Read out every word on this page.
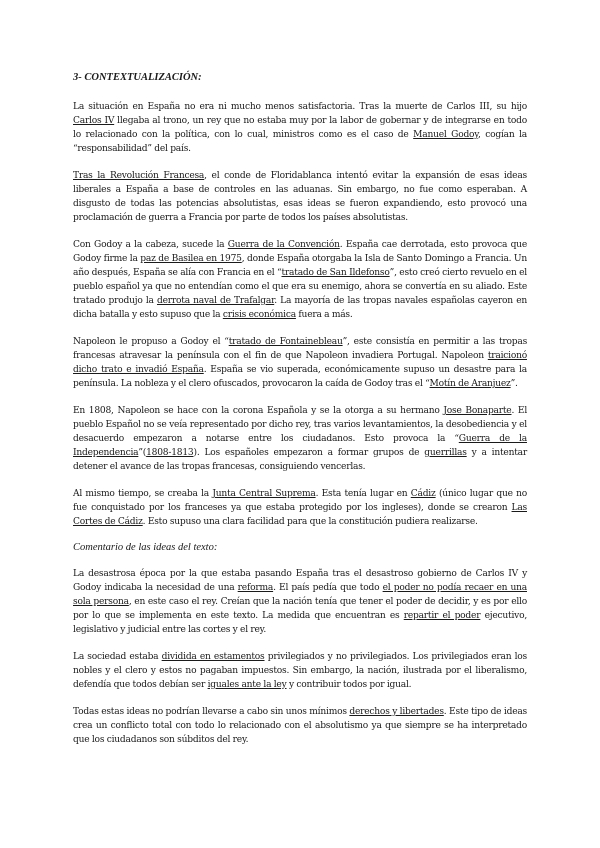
3- CONTEXTUALIZACIÓN:

La situación en España no era ni mucho menos satisfactoria. Tras la muerte de Carlos III, su hijo Carlos IV llegaba al trono, un rey que no estaba muy por la labor de gobernar y de integrarse en todo lo relacionado con la política, con lo cual, ministros como es el caso de Manuel Godoy, cogían la “responsabilidad” del país.

Tras la Revolución Francesa, el conde de Floridablanca intentó evitar la expansión de esas ideas liberales a España a base de controles en las aduanas. Sin embargo, no fue como esperaban. A disgusto de todas las potencias absolutistas, esas ideas se fueron expandiendo, esto provocó una proclamación de guerra a Francia por parte de todos los países absolutistas.

Con Godoy a la cabeza, sucede la Guerra de la Convención. España cae derrotada, esto provoca que Godoy firme la paz de Basilea en 1975, donde España otorgaba la Isla de Santo Domingo a Francia. Un año después, España se alía con Francia en el “tratado de San Ildefonso”, esto creó cierto revuelo en el pueblo español ya que no entendían como el que era su enemigo, ahora se convertía en su aliado. Este tratado produjo la derrota naval de Trafalgar. La mayoría de las tropas navales españolas cayeron en dicha batalla y esto supuso que la crisis económica fuera a más.

Napoleon le propuso a Godoy el “tratado de Fontainebleau”, este consistía en permitir a las tropas francesas atravesar la península con el fin de que Napoleon invadiera Portugal. Napoleon traicionó dicho trato e invadió España. España se vio superada, económicamente supuso un desastre para la península. La nobleza y el clero ofuscados, provocaron la caída de Godoy tras el “Motín de Aranjuez”.

En 1808, Napoleon se hace con la corona Española y se la otorga a su hermano Jose Bonaparte. El pueblo Español no se veía representado por dicho rey, tras varios levantamientos, la desobediencia y el desacuerdo empezaron a notarse entre los ciudadanos. Esto provoca la “Guerra de la Independencia”(1808-1813). Los españoles empezaron a formar grupos de guerrillas y a intentar detener el avance de las tropas francesas, consiguiendo vencerlas.

Al mismo tiempo, se creaba la Junta Central Suprema. Esta tenía lugar en Cádiz (único lugar que no fue conquistado por los franceses ya que estaba protegido por los ingleses), donde se crearon Las Cortes de Cádiz. Esto supuso una clara facilidad para que la constitución pudiera realizarse.

Comentario de las ideas del texto:

La desastrosa época por la que estaba pasando España tras el desastroso gobierno de Carlos IV y Godoy indicaba la necesidad de una reforma. El país pedía que todo el poder no podía recaer en una sola persona, en este caso el rey. Creían que la nación tenía que tener el poder de decidir, y es por ello por lo que se implementa en este texto. La medida que encuentran es repartir el poder ejecutivo, legislativo y judicial entre las cortes y el rey.

La sociedad estaba dividida en estamentos privilegiados y no privilegiados. Los privilegiados eran los nobles y el clero y estos no pagaban impuestos. Sin embargo, la nación, ilustrada por el liberalismo, defendía que todos debían ser iguales ante la ley y contribuir todos por igual.

Todas estas ideas no podrían llevarse a cabo sin unos mínimos derechos y libertades. Este tipo de ideas crea un conflicto total con todo lo relacionado con el absolutismo ya que siempre se ha interpretado que los ciudadanos son súbditos del rey.
